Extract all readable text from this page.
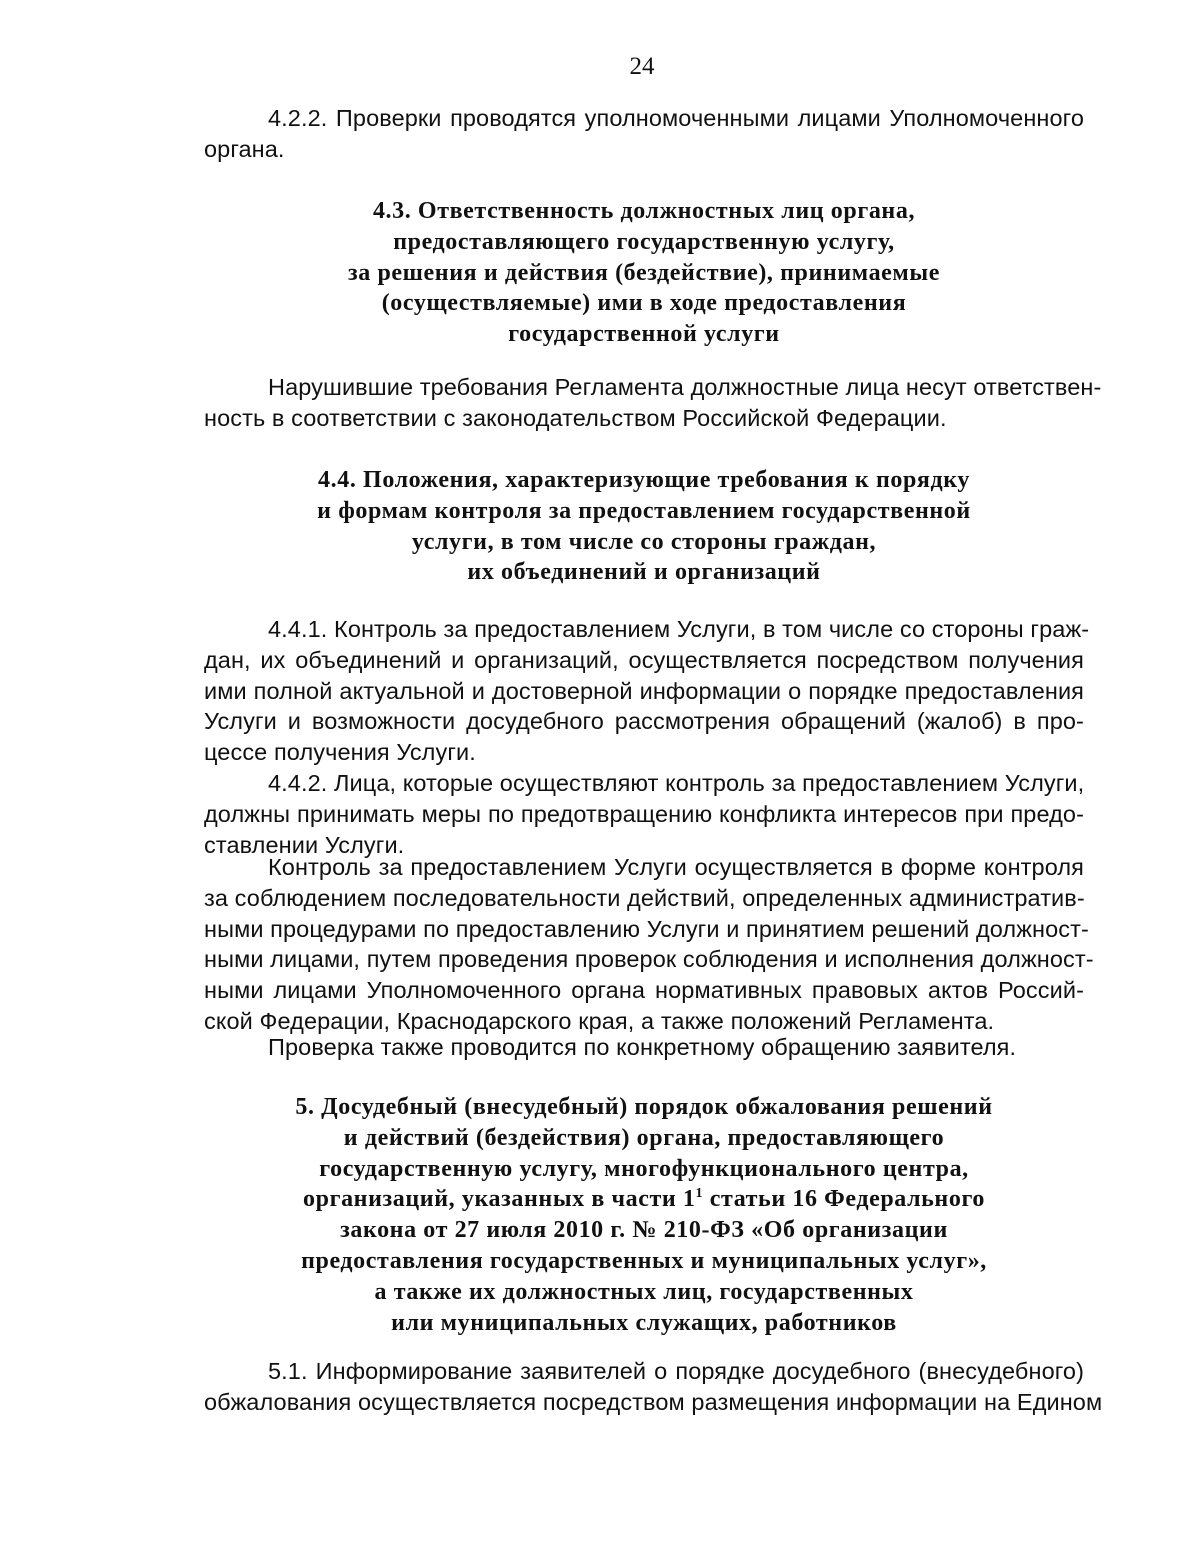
24
4.2.2. Проверки проводятся уполномоченными лицами Уполномоченного
органа.
4.3. Ответственность должностных лиц органа,
предоставляющего государственную услугу,
за решения и действия (бездействие), принимаемые
(осуществляемые) ими в ходе предоставления
государственной услуги
Нарушившие требования Регламента должностные лица несут ответствен-
ность в соответствии с законодательством Российской Федерации.
4.4. Положения, характеризующие требования к порядку
и формам контроля за предоставлением государственной
услуги, в том числе со стороны граждан,
их объединений и организаций
4.4.1. Контроль за предоставлением Услуги, в том числе со стороны граж-
дан, их объединений и организаций, осуществляется посредством получения
ими полной актуальной и достоверной информации о порядке предоставления
Услуги и возможности досудебного рассмотрения обращений (жалоб) в про-
цессе получения Услуги.
4.4.2. Лица, которые осуществляют контроль за предоставлением Услуги,
должны принимать меры по предотвращению конфликта интересов при предо-
ставлении Услуги.
Контроль за предоставлением Услуги осуществляется в форме контроля
за соблюдением последовательности действий, определенных административ-
ными процедурами по предоставлению Услуги и принятием решений должност-
ными лицами, путем проведения проверок соблюдения и исполнения должност-
ными лицами Уполномоченного органа нормативных правовых актов Россий-
ской Федерации, Краснодарского края, а также положений Регламента.
Проверка также проводится по конкретному обращению заявителя.
5. Досудебный (внесудебный) порядок обжалования решений
и действий (бездействия) органа, предоставляющего
государственную услугу, многофункционального центра,
организаций, указанных в части $1^1$ статьи 16 Федерального
закона от 27 июля 2010 г. № 210-ФЗ «Об организации
предоставления государственных и муниципальных услуг»,
а также их должностных лиц, государственных
или муниципальных служащих, работников
5.1. Информирование заявителей о порядке досудебного (внесудебного)
обжалования осуществляется посредством размещения информации на Едином
